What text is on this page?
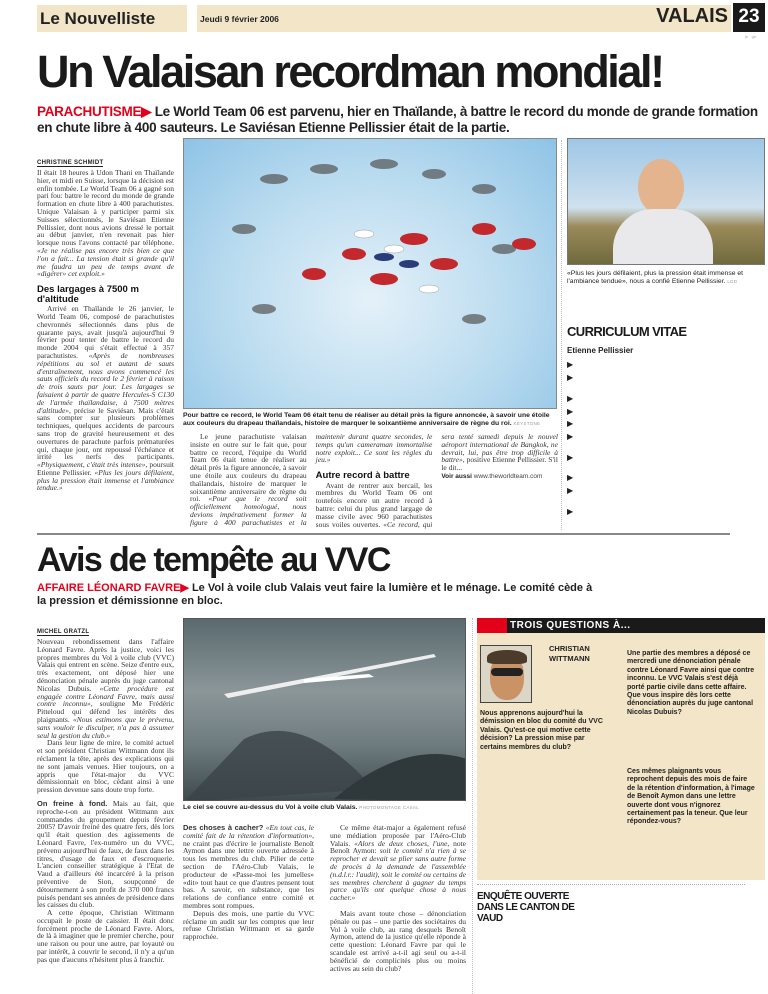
Le Nouvelliste	Jeudi 9 février 2006	VALAIS 23
jb · gb
Un Valaisan recordman mondial!
PARACHUTISME▶ Le World Team 06 est parvenu, hier en Thaïlande, à battre le record du monde de grande formation en chute libre à 400 sauteurs. Le Saviésan Etienne Pellissier était de la partie.
CHRISTINE SCHMIDT
Il était 18 heures à Udon Thani en Thaïlande hier, et midi en Suisse, lorsque la décision est enfin tombée. Le World Team 06 a gagné son pari fou: battre le record du monde de grande formation en chute libre à 400 parachutistes. Unique Valaisan à y participer parmi six Suisses sélectionnés, le Saviésan Etienne Pellissier, dont nous avions dressé le portait au début janvier, n'en revenait pas hier lorsque nous l'avons contacté par téléphone. «Je ne réalise pas encore très bien ce que l'on a fait... La tension était si grande qu'il me faudra un peu de temps avant de «digérer» cet exploit.»
Des largages à 7500 m d'altitude
Arrivé en Thaïlande le 26 janvier, le World Team 06, composé de parachutistes chevronnés sélectionnés dans plus de quarante pays, avait jusqu'à aujourd'hui 9 février pour tenter de battre le record du monde 2004 qui s'était effectué à 357 parachutistes. «Après de nombreuses répétitions au sol et autant de sauts d'entraînement, nous avons commencé les sauts officiels du record le 2 février à raison de trois sauts par jour. Les largages se faisaient à partir de quatre Hercules-S C130 de l'armée thaïlandaise, à 7500 mètres d'altitude», précise le Saviésan. Mais c'était sans compter sur plusieurs problèmes techniques, quelques accidents de parcours sans trop de gravité heureusement et des ouvertures de parachute parfois prématurées qui, chaque jour, ont repoussé l'échéance et irrité les nerfs des participants. «Physiquement, c'était très intense», poursuit Etienne Pellissier. «Plus les jours défilaient, plus la pression était immense et l'ambiance tendue.»
Pour battre ce record, le World Team 06 était tenu de réaliser au détail près la figure annoncée, à savoir une étoile aux couleurs du drapeau thaïlandais, histoire de marquer le soixantième anniversaire de règne du roi. KEYSTONE
Le jeune parachutiste valaisan insiste en outre sur le fait que, pour battre ce record, l'équipe du World Team 06 était tenue de réaliser au détail près la figure annoncée, à savoir une étoile aux couleurs du drapeau thaïlandais, histoire de marquer le soixantième anniversaire de règne du roi. «Pour que le record soit officiellement homologué, nous devions impérativement former la figure à 400 parachutistes et la maintenir durant quatre secondes, le temps qu'un cameraman immortalise notre exploit... Ce sont les règles du jeu.»
Autre record à battre
Avant de rentrer aux bercail, les membres du World Team 06 ont toutefois encore un autre record à battre: celui du plus grand largage de masse civile avec 960 parachutistes sous voiles ouvertes. «Ce record, qui sera tenté samedi depuis le nouvel aéroport international de Bangkok, ne devrait, lui, pas être trop difficile à battre», positive Etienne Pellissier. S'il le dit...
Voir aussi www.theworldteam.com
«Plus les jours défilaient, plus la pression était immense et l'ambiance tendue», nous a confié Etienne Pellissier. LDD
CURRICULUM VITAE
Etienne Pellissier
▶
▶
▶
▶
▶
▶
▶
▶
▶
▶
Avis de tempête au VVC
AFFAIRE LÉONARD FAVRE▶ Le Vol à voile club Valais veut faire la lumière et le ménage. Le comité cède à la pression et démissionne en bloc.
MICHEL GRATZL
Nouveau rebondissement dans l'affaire Léonard Favre. Après la justice, voici les propres membres du Vol à voile club (VVC) Valais qui entrent en scène. Seize d'entre eux, très exactement, ont déposé hier une dénonciation pénale auprès du juge cantonal Nicolas Dubuis. «Cette procédure est engagée contre Léonard Favre, mais aussi contre inconnu», souligne Me Frédéric Pitteloud qui défend les intérêts des plaignants. «Nous estimons que le prévenu, sans vouloir le disculper, n'a pas à assumer seul la gestion du club.»
Dans leur ligne de mire, le comité actuel et son président Christian Wittmann dont ils réclament la tête, après des explications qui ne sont jamais venues. Hier toujours, on a appris que l'état-major du VVC démissionnait en bloc, cédant ainsi à une pression devenue sans doute trop forte.
On freine à fond. Mais au fait, que reproche-t-on au président Wittmann aux commandes du groupement depuis février 2005? D'avoir freiné des quatre fers, dès lors qu'il était question des agissements de Léonard Favre, l'ex-numéro un du VVC, prévenu aujourd'hui de faux, de faux dans les titres, d'usage de faux et d'escroquerie. L'ancien conseiller stratégique à l'Etat de Vaud a d'ailleurs été incarcéré à la prison préventive de Sion, soupçonné de détournement à son profit de 370 000 francs puisés pendant ses années de présidence dans les caisses du club.
A cette époque, Christian Wittmann occupait le poste de caissier. Il était donc forcément proche de Léonard Favre. Alors, de là à imaginer que le premier cherche, pour une raison ou pour une autre, par loyauté ou par intérêt, à couvrir le second, il n'y a qu'un pas que d'aucuns n'hésitent plus à franchir.
Le ciel se couvre au-dessus du Vol à voile club Valais. PHOTOMONTAGE CASAL
Des choses à cacher? «En tout cas, le comité fait de la rétention d'information», ne craint pas d'écrire le journaliste Benoît Aymon dans une lettre ouverte adressée à tous les membres du club. Pilier de cette section de l'Aéro-Club Valais, le producteur de «Passe-moi les jumelles» «dit» tout haut ce que d'autres pensent tout bas. A savoir, en substance, que les relations de confiance entre comité et membres sont rompues.
Depuis des mois, une partie du VVC réclame un audit sur les comptes que leur refuse Christian Wittmann et sa garde rapprochée.
Ce même état-major a également refusé une médiation proposée par l'Aéro-Club Valais. «Alors de deux choses, l'une, note Benoît Aymon: soit le comité n'a rien à se reprocher et devait se plier sans autre forme de procès à la demande de l'assemblée (n.d.l.r.: l'audit), soit le comité ou certains de ses membres cherchent à gagner du temps parce qu'ils ont quelque chose à nous cacher.»
Mais avant toute chose – dénonciation pénale ou pas – une partie des sociétaires du Vol à voile club, au rang desquels Benoît Aymon, attend de la justice qu'elle réponde à cette question: Léonard Favre par qui le scandale est arrivé a-t-il agi seul ou a-t-il bénéficié de complicités plus ou moins actives au sein du club?
TROIS QUESTIONS À...
CHRISTIAN WITTMANN
Nous apprenons aujourd'hui la démission en bloc du comité du VVC Valais. Qu'est-ce qui motive cette décision? La pression mise par certains membres du club?
Une partie des membres a déposé ce mercredi une dénonciation pénale contre Léonard Favre ainsi que contre inconnu. Le VVC Valais s'est déjà porté partie civile dans cette affaire. Que vous inspire dès lors cette dénonciation auprès du juge cantonal Nicolas Dubuis?
Ces mêmes plaignants vous reprochent depuis des mois de faire de la rétention d'information, à l'image de Benoît Aymon dans une lettre ouverte dont vous n'ignorez certainement pas la teneur. Que leur répondez-vous?
ENQUÊTE OUVERTE DANS LE CANTON DE VAUD
